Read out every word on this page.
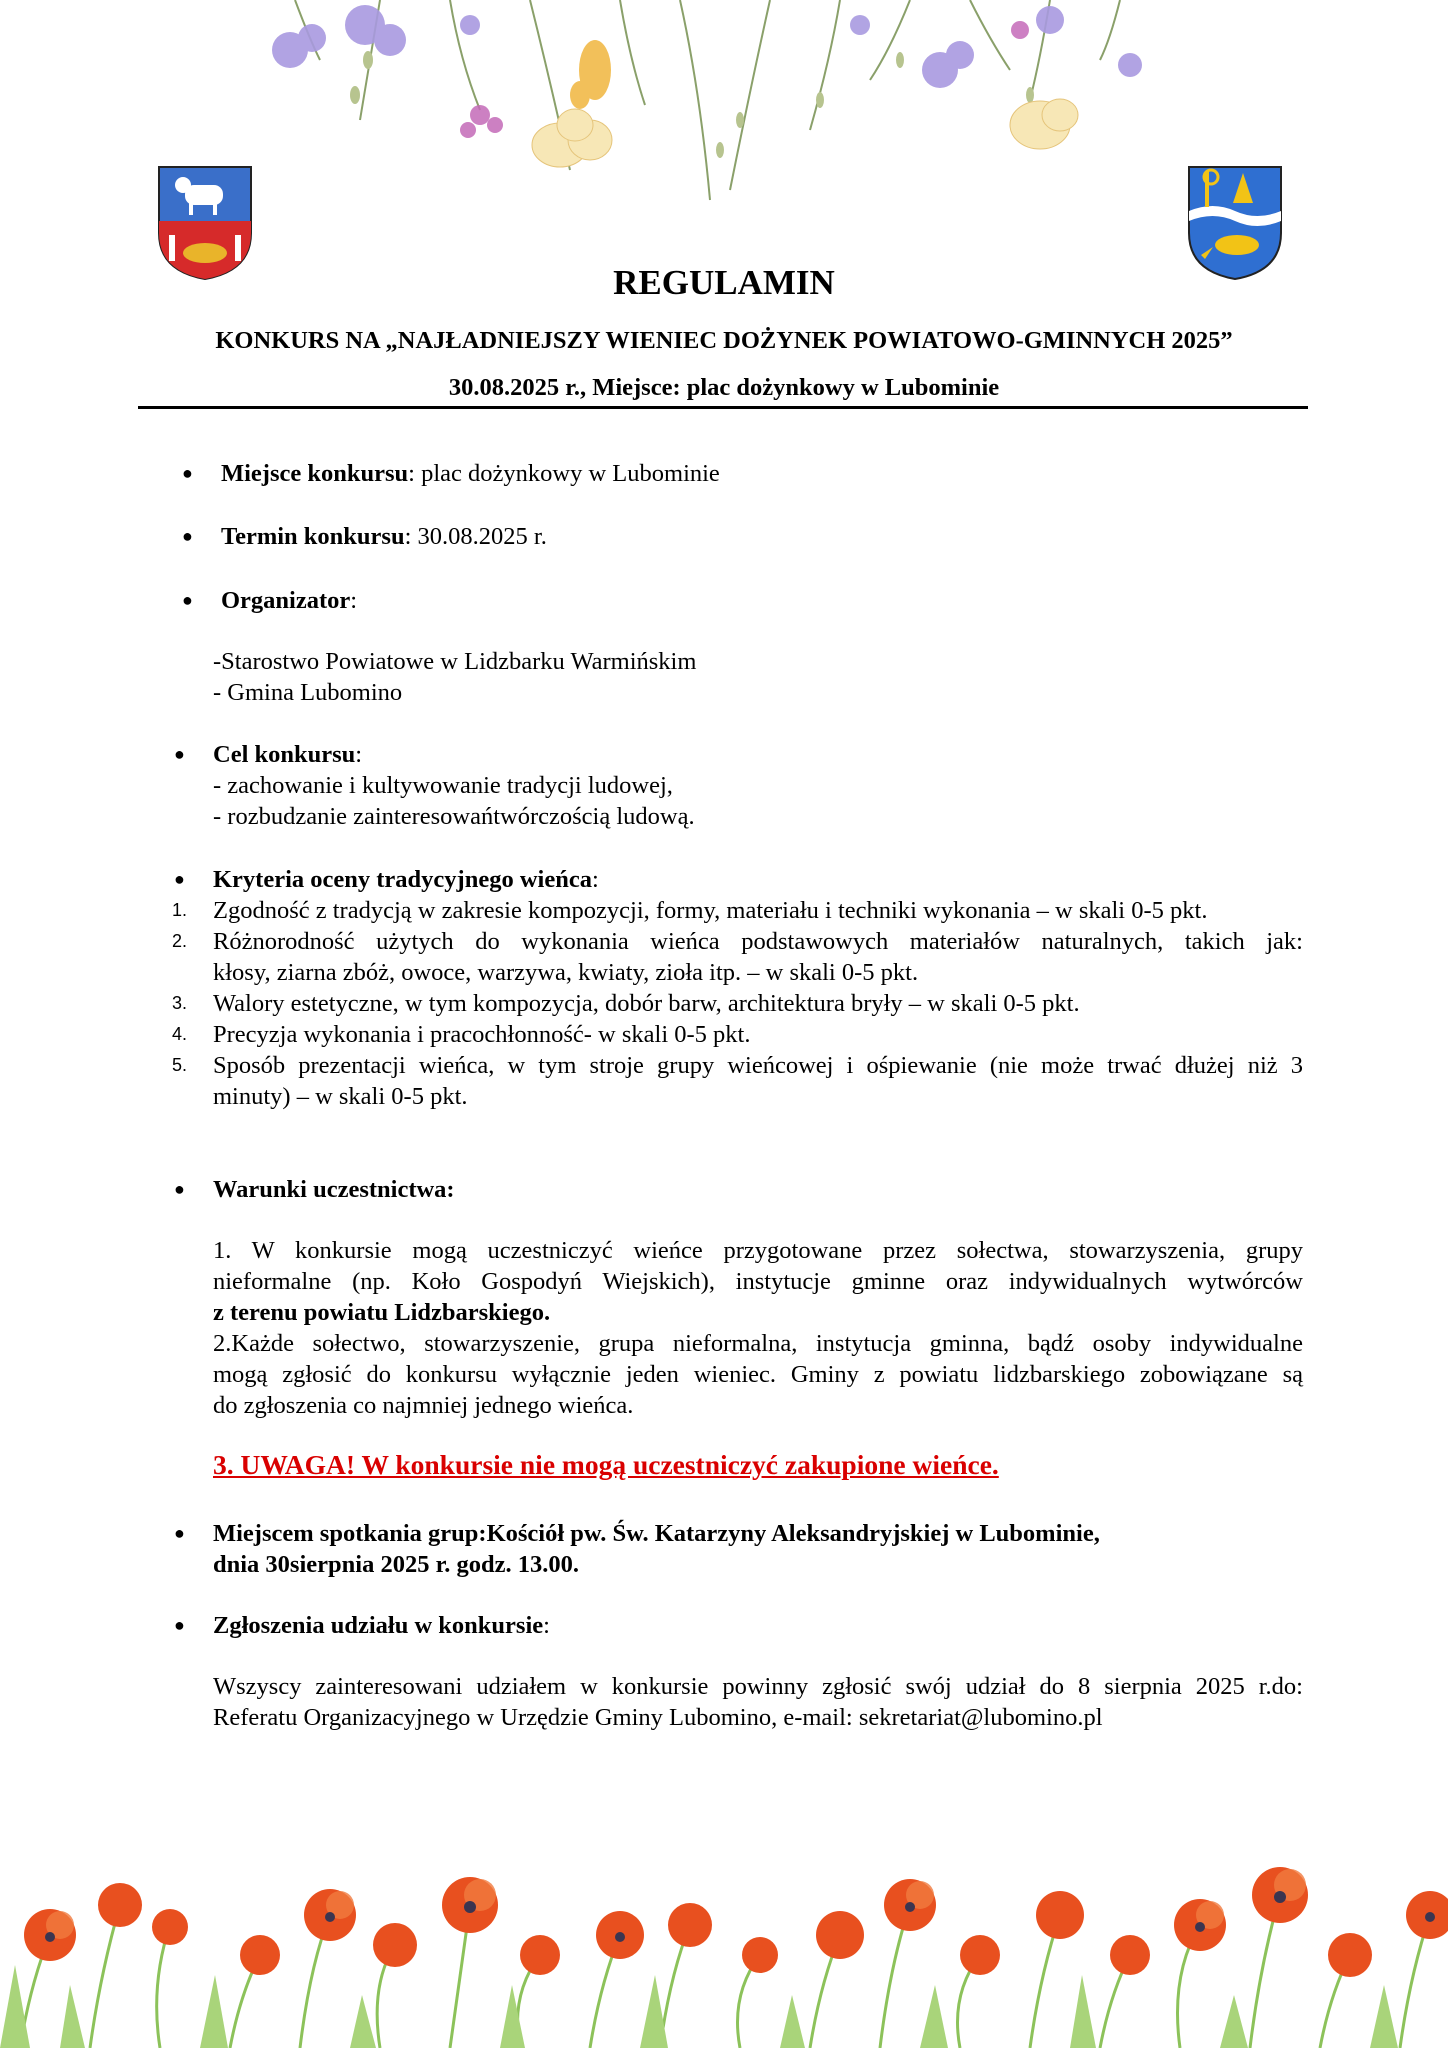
REGULAMIN
KONKURS NA „NAJŁADNIEJSZY WIENIEC DOŻYNEK POWIATOWO-GMINNYCH 2025”
30.08.2025 r., Miejsce: plac dożynkowy w Lubominie
● Miejsce konkursu: plac dożynkowy w Lubominie
● Termin konkursu: 30.08.2025 r.
● Organizator:
-Starostwo Powiatowe w Lidzbarku Warmińskim
- Gmina Lubomino
● Cel konkursu:
- zachowanie i kultywowanie tradycji ludowej,
- rozbudzanie zainteresowańtwórczością ludową.
● Kryteria oceny tradycyjnego wieńca:
1. Zgodność z tradycją w zakresie kompozycji, formy, materiału i techniki wykonania – w skali 0-5 pkt.
2. Różnorodność użytych do wykonania wieńca podstawowych materiałów naturalnych, takich jak:
kłosy, ziarna zbóż, owoce, warzywa, kwiaty, zioła itp. – w skali 0-5 pkt.
3. Walory estetyczne, w tym kompozycja, dobór barw, architektura bryły – w skali 0-5 pkt.
4. Precyzja wykonania i pracochłonność- w skali 0-5 pkt.
5. Sposób prezentacji wieńca, w tym stroje grupy wieńcowej i ośpiewanie (nie może trwać dłużej niż 3
minuty) – w skali 0-5 pkt.
● Warunki uczestnictwa:
1. W konkursie mogą uczestniczyć wieńce przygotowane przez sołectwa, stowarzyszenia, grupy
nieformalne (np. Koło Gospodyń Wiejskich), instytucje gminne oraz indywidualnych wytwórców
z terenu powiatu Lidzbarskiego.
2.Każde sołectwo, stowarzyszenie, grupa nieformalna, instytucja gminna, bądź osoby indywidualne
mogą zgłosić do konkursu wyłącznie jeden wieniec. Gminy z powiatu lidzbarskiego zobowiązane są
do zgłoszenia co najmniej jednego wieńca.
3. UWAGA! W konkursie nie mogą uczestniczyć zakupione wieńce.
● Miejscem spotkania grup:Kościół pw. Św. Katarzyny Aleksandryjskiej w Lubominie,
dnia 30sierpnia 2025 r. godz. 13.00.
● Zgłoszenia udziału w konkursie:
Wszyscy zainteresowani udziałem w konkursie powinny zgłosić swój udział do 8 sierpnia 2025 r.do:
Referatu Organizacyjnego w Urzędzie Gminy Lubomino, e-mail: sekretariat@lubomino.pl
